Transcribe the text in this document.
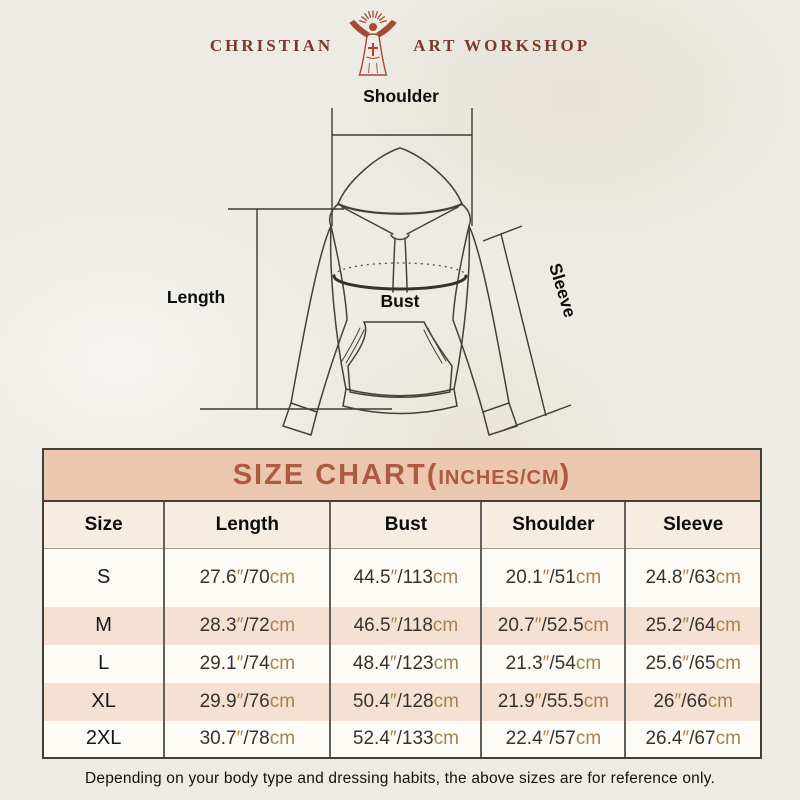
CHRISTIAN	ART WORKSHOP
Shoulder
Length	Sleeve
Bust
SIZE CHART( INCHES/CM )
Size	Length	Bust	Shoulder	Sleeve
S	27.6″/70cm	44.5″/113cm	20.1″/51cm	24.8″/63cm
M	28.3″/72cm	46.5″/118cm	20.7″/52.5cm	25.2″/64cm
L	29.1″/74cm	48.4″/123cm	21.3″/54cm	25.6″/65cm
XL	29.9″/76cm	50.4″/128cm	21.9″/55.5cm	26″/66cm
2XL	30.7″/78cm	52.4″/133cm	22.4″/57cm	26.4″/67cm
Depending on your body type and dressing habits, the above sizes are for reference only.
